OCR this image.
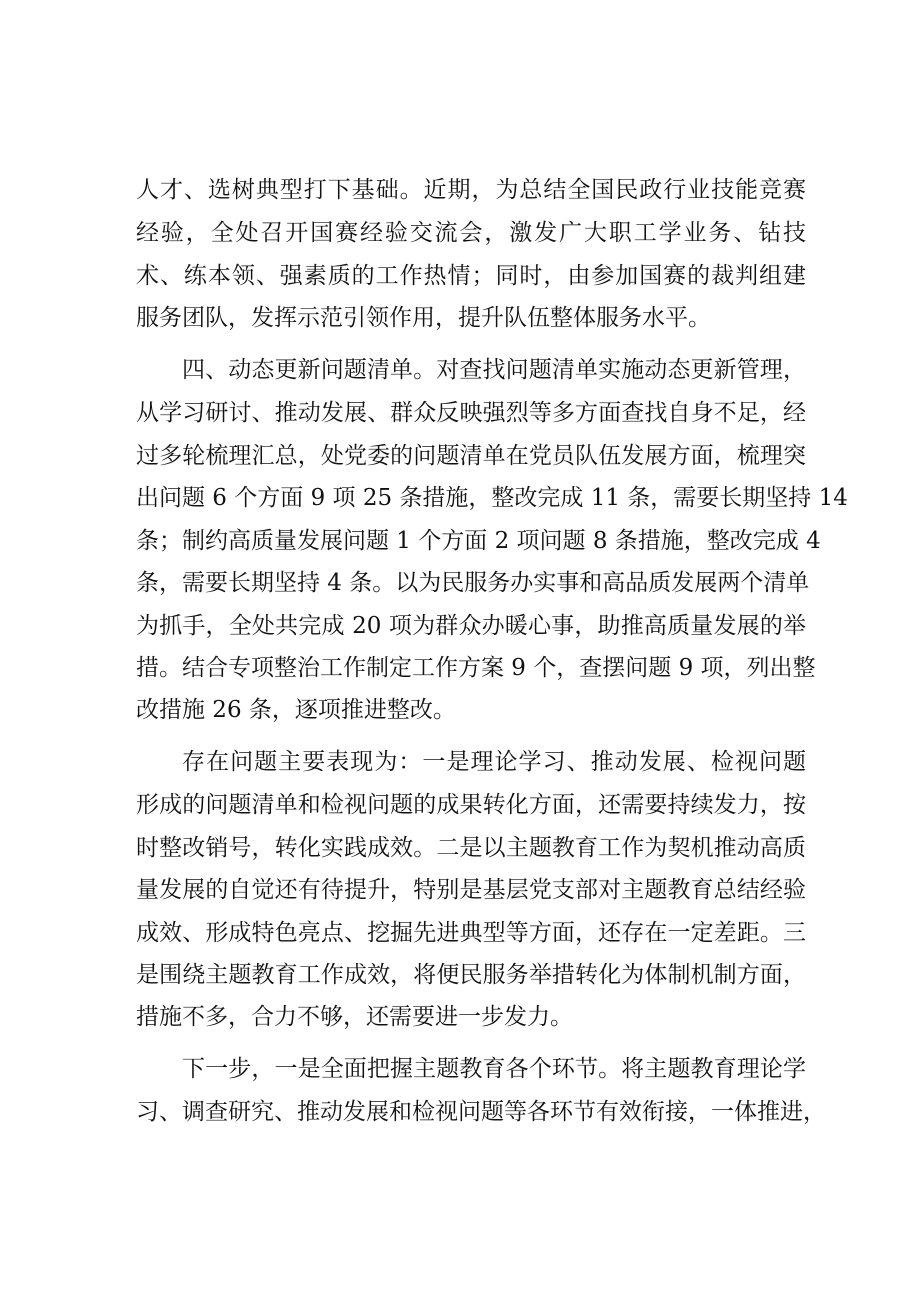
人才、选树典型打下基础。近期，为总结全国民政行业技能竞赛
经验，全处召开国赛经验交流会，激发广大职工学业务、钻技
术、练本领、强素质的工作热情；同时，由参加国赛的裁判组建
服务团队，发挥示范引领作用，提升队伍整体服务水平。
四、动态更新问题清单。对查找问题清单实施动态更新管理，
从学习研讨、推动发展、群众反映强烈等多方面查找自身不足，经
过多轮梳理汇总，处党委的问题清单在党员队伍发展方面，梳理突
出问题 6 个方面 9 项 25 条措施，整改完成 11 条，需要长期坚持 14
条；制约高质量发展问题 1 个方面 2 项问题 8 条措施，整改完成 4
条，需要长期坚持 4 条。以为民服务办实事和高品质发展两个清单
为抓手，全处共完成 20 项为群众办暖心事，助推高质量发展的举
措。结合专项整治工作制定工作方案 9 个，查摆问题 9 项，列出整
改措施 26 条，逐项推进整改。
存在问题主要表现为：一是理论学习、推动发展、检视问题
形成的问题清单和检视问题的成果转化方面，还需要持续发力，按
时整改销号，转化实践成效。二是以主题教育工作为契机推动高质
量发展的自觉还有待提升，特别是基层党支部对主题教育总结经验
成效、形成特色亮点、挖掘先进典型等方面，还存在一定差距。三
是围绕主题教育工作成效，将便民服务举措转化为体制机制方面，
措施不多，合力不够，还需要进一步发力。
下一步，一是全面把握主题教育各个环节。将主题教育理论学
习、调查研究、推动发展和检视问题等各环节有效衔接，一体推进，
